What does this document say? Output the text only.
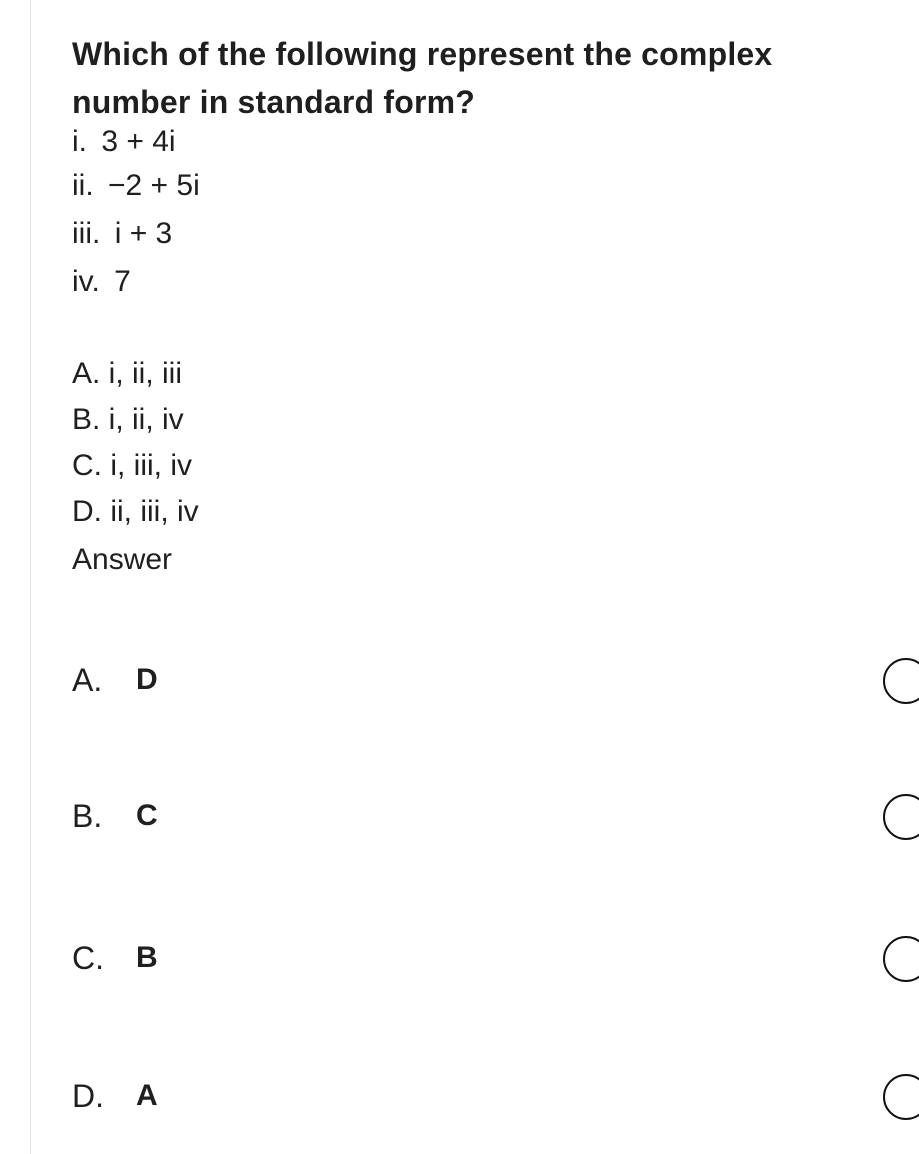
Which of the following represent the complex number in standard form?
i. 3 + 4i
ii. −2 + 5i
iii. i + 3
iv. 7
A. i, ii, iii
B. i, ii, iv
C. i, iii, iv
D. ii, iii, iv
Answer
A. D
B. C
C. B
D. A
